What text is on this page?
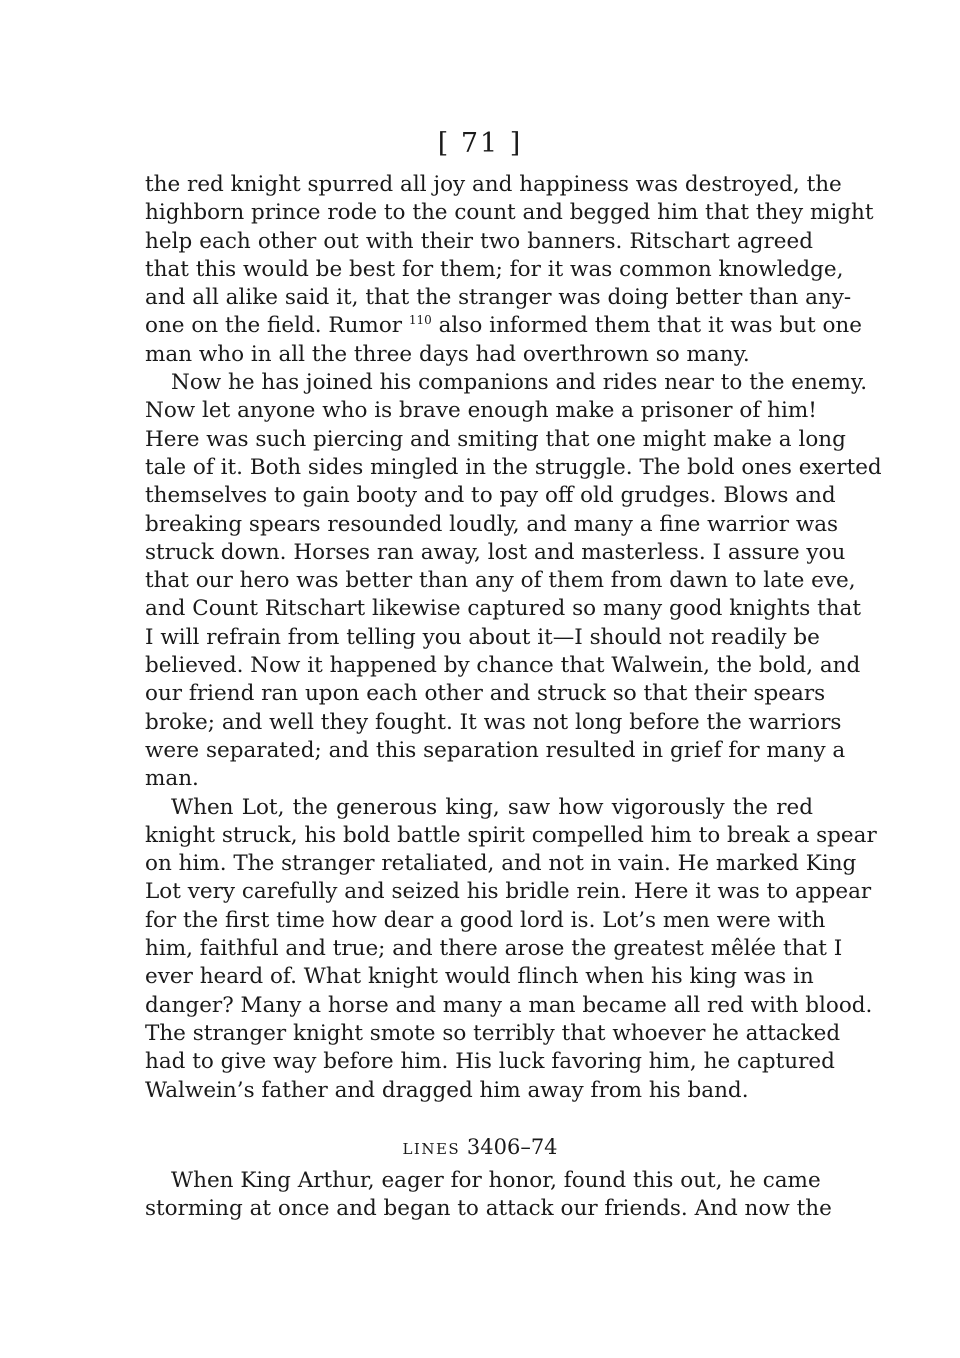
[ 71 ]
the red knight spurred all joy and happiness was destroyed, the
highborn prince rode to the count and begged him that they might
help each other out with their two banners. Ritschart agreed
that this would be best for them; for it was common knowledge,
and all alike said it, that the stranger was doing better than any-
one on the field. Rumor $^{110}$ also informed them that it was but one
man who in all the three days had overthrown so many.
Now he has joined his companions and rides near to the enemy.
Now let anyone who is brave enough make a prisoner of him!
Here was such piercing and smiting that one might make a long
tale of it. Both sides mingled in the struggle. The bold ones exerted
themselves to gain booty and to pay off old grudges. Blows and
breaking spears resounded loudly, and many a fine warrior was
struck down. Horses ran away, lost and masterless. I assure you
that our hero was better than any of them from dawn to late eve,
and Count Ritschart likewise captured so many good knights that
I will refrain from telling you about it—I should not readily be
believed. Now it happened by chance that Walwein, the bold, and
our friend ran upon each other and struck so that their spears
broke; and well they fought. It was not long before the warriors
were separated; and this separation resulted in grief for many a
man.
When Lot, the generous king, saw how vigorously the red
knight struck, his bold battle spirit compelled him to break a spear
on him. The stranger retaliated, and not in vain. He marked King
Lot very carefully and seized his bridle rein. Here it was to appear
for the first time how dear a good lord is. Lot’s men were with
him, faithful and true; and there arose the greatest mêlée that I
ever heard of. What knight would flinch when his king was in
danger? Many a horse and many a man became all red with blood.
The stranger knight smote so terribly that whoever he attacked
had to give way before him. His luck favoring him, he captured
Walwein’s father and dragged him away from his band.
LINES 3406–74
When King Arthur, eager for honor, found this out, he came
storming at once and began to attack our friends. And now the
